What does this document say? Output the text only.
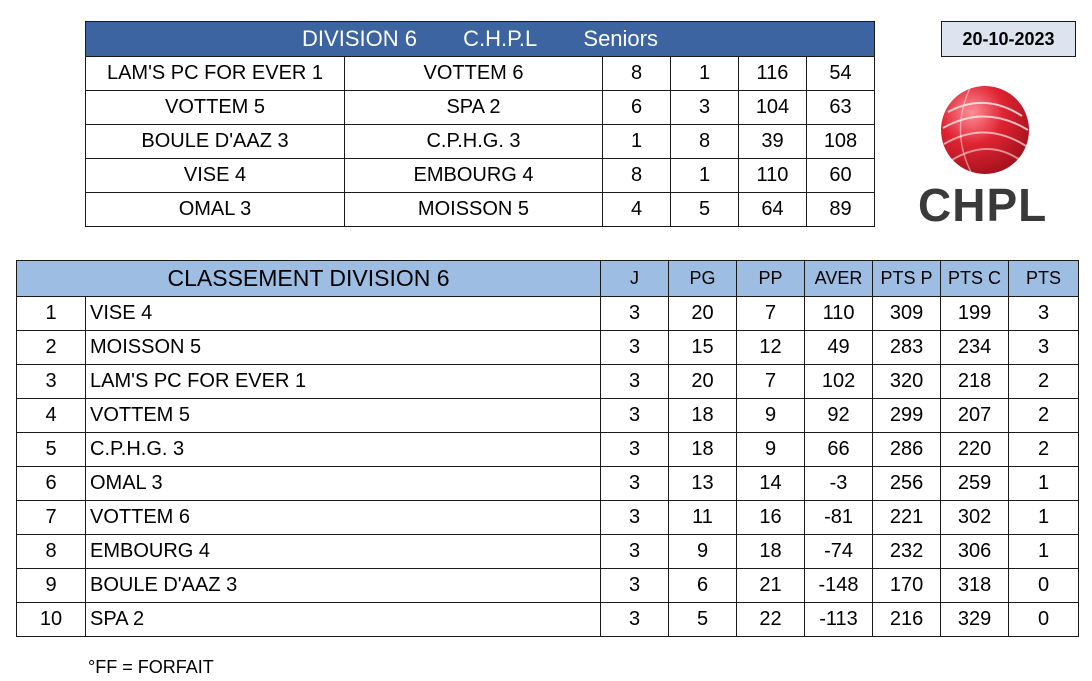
DIVISION 6 C.H.P.L Seniors					
LAM'S PC FOR EVER 1	VOTTEM 6	8	1	116	54
VOTTEM 5	SPA 2	6	3	104	63
BOULE D'AAZ 3	C.P.H.G. 3	1	8	39	108
VISE 4	EMBOURG 4	8	1	110	60
OMAL 3	MOISSON 5	4	5	64	89
20-10-2023
CHPL
CLASSEMENT DIVISION 6		J	PG	PP	AVER	PTS P	PTS C	PTS
1	VISE 4	3	20	7	110	309	199	3
2	MOISSON 5	3	15	12	49	283	234	3
3	LAM'S PC FOR EVER 1	3	20	7	102	320	218	2
4	VOTTEM 5	3	18	9	92	299	207	2
5	C.P.H.G. 3	3	18	9	66	286	220	2
6	OMAL 3	3	13	14	-3	256	259	1
7	VOTTEM 6	3	11	16	-81	221	302	1
8	EMBOURG 4	3	9	18	-74	232	306	1
9	BOULE D'AAZ 3	3	6	21	-148	170	318	0
10	SPA 2	3	5	22	-113	216	329	0
°FF = FORFAIT
